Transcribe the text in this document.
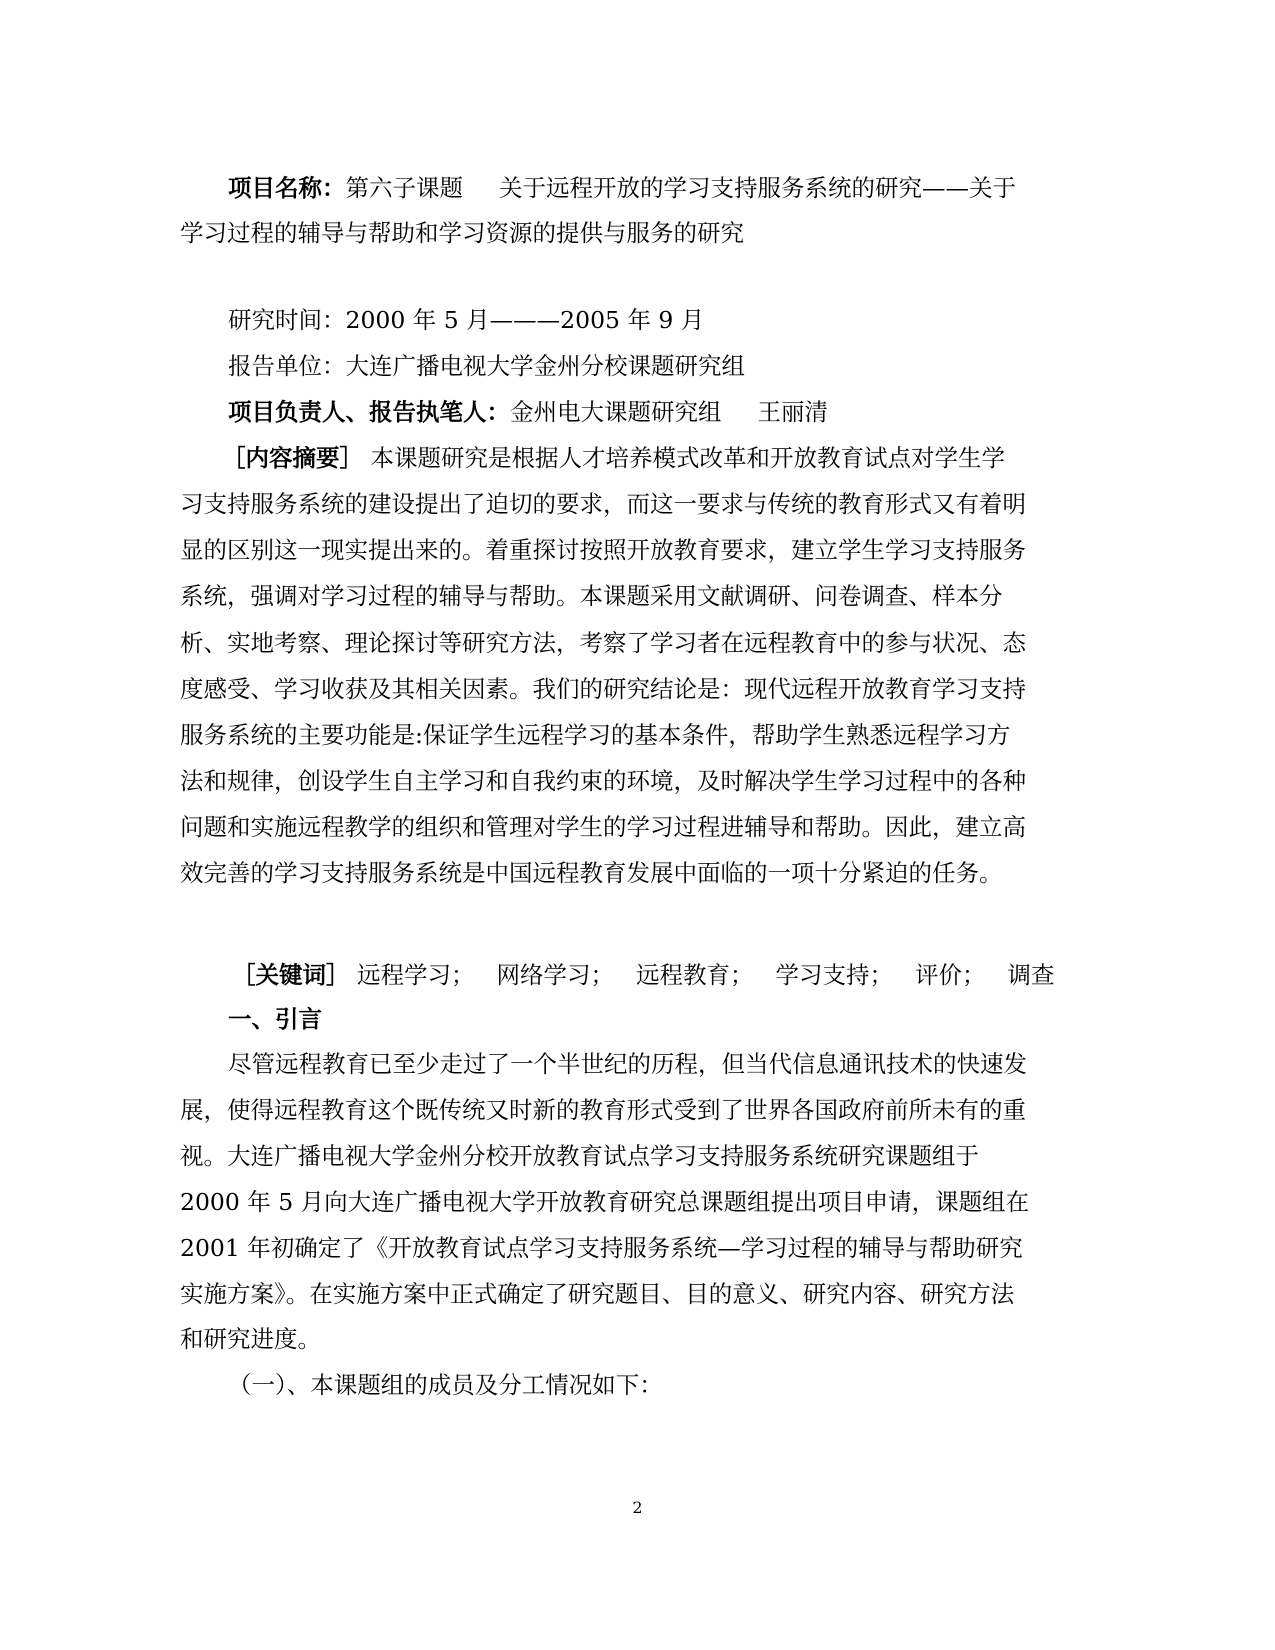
项目名称：第六子课题 关于远程开放的学习支持服务系统的研究——关于
学习过程的辅导与帮助和学习资源的提供与服务的研究
研究时间：2000 年 5 月———2005 年 9 月
报告单位：大连广播电视大学金州分校课题研究组
项目负责人、报告执笔人：金州电大课题研究组 王丽清
［内容摘要］ 本课题研究是根据人才培养模式改革和开放教育试点对学生学
习支持服务系统的建设提出了迫切的要求，而这一要求与传统的教育形式又有着明
显的区别这一现实提出来的。着重探讨按照开放教育要求，建立学生学习支持服务
系统，强调对学习过程的辅导与帮助。本课题采用文献调研、问卷调查、样本分
析、实地考察、理论探讨等研究方法，考察了学习者在远程教育中的参与状况、态
度感受、学习收获及其相关因素。我们的研究结论是：现代远程开放教育学习支持
服务系统的主要功能是:保证学生远程学习的基本条件，帮助学生熟悉远程学习方
法和规律，创设学生自主学习和自我约束的环境，及时解决学生学习过程中的各种
问题和实施远程教学的组织和管理对学生的学习过程进辅导和帮助。因此，建立高
效完善的学习支持服务系统是中国远程教育发展中面临的一项十分紧迫的任务。
［关键词］ 远程学习； 网络学习； 远程教育； 学习支持； 评价； 调查
一、引言
尽管远程教育已至少走过了一个半世纪的历程，但当代信息通讯技术的快速发
展，使得远程教育这个既传统又时新的教育形式受到了世界各国政府前所未有的重
视。大连广播电视大学金州分校开放教育试点学习支持服务系统研究课题组于
2000 年 5 月向大连广播电视大学开放教育研究总课题组提出项目申请，课题组在
2001 年初确定了《开放教育试点学习支持服务系统—学习过程的辅导与帮助研究
实施方案》。在实施方案中正式确定了研究题目、目的意义、研究内容、研究方法
和研究进度。
（一）、本课题组的成员及分工情况如下：
2
